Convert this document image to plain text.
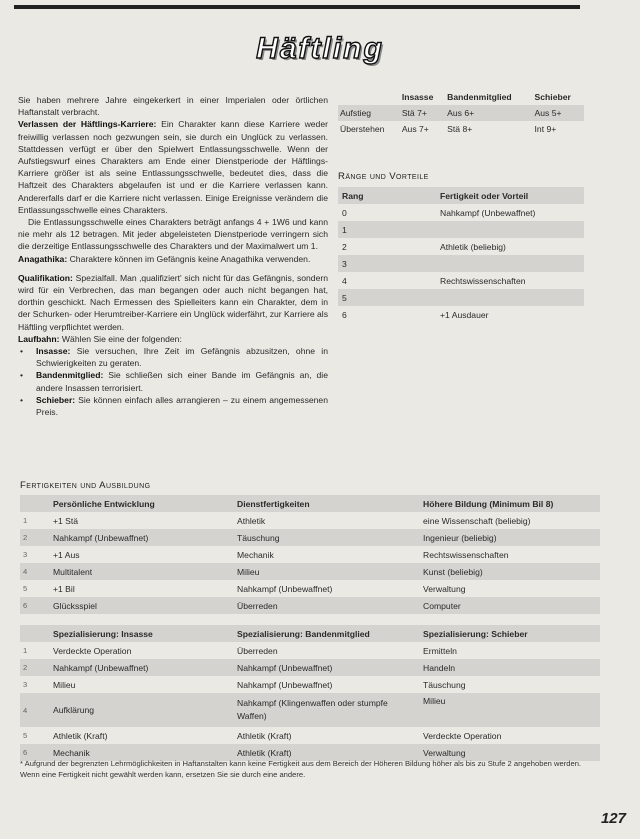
Häftling

Sie haben mehrere Jahre eingekerkert in einer Imperialen oder örtlichen Haftanstalt verbracht.

Verlassen der Häftlings-Karriere: Ein Charakter kann diese Karriere weder freiwillig verlassen noch gezwungen sein, sie durch ein Unglück zu verlassen. Stattdessen verfügt er über den Spielwert Entlassungsschwelle. Wenn der Aufstiegswurf eines Charakters am Ende einer Dienstperiode der Häftlings-Karriere größer ist als seine Entlassungsschwelle, bedeutet dies, dass die Haftzeit des Charakters abgelaufen ist und er die Karriere verlassen kann. Andererfalls darf er die Karriere nicht verlassen. Einige Ereignisse verändern die Entlassungsschwelle eines Charakters.

Die Entlassungsschwelle eines Charakters beträgt anfangs 4 + 1W6 und kann nie mehr als 12 betragen. Mit jeder abgeleisteten Dienstperiode verringern sich die derzeitige Entlassungsschwelle des Charakters und der Maximalwert um 1.

Anagathika: Charaktere können im Gefängnis keine Anagathika verwenden.

Qualifikation: Spezialfall. Man ‚qualifiziert' sich nicht für das Gefängnis, sondern wird für ein Verbrechen, das man begangen oder auch nicht begangen hat, dorthin geschickt. Nach Ermessen des Spielleiters kann ein Charakter, dem in der Schurken- oder Herumtreiber-Karriere ein Unglück widerfährt, zur Karriere als Häftling verpflichtet werden.

Laufbahn: Wählen Sie eine der folgenden:

• Insasse: Sie versuchen, Ihre Zeit im Gefängnis abzusitzen, ohne in Schwierigkeiten zu geraten.
• Bandenmitglied: Sie schließen sich einer Bande im Gefängnis an, die andere Insassen terrorisiert.
• Schieber: Sie können einfach alles arrangieren – zu einem angemessenen Preis.
	Insasse	Bandenmitglied	Schieber
Aufstieg	Stä 7+	Aus 6+	Aus 5+
Überstehen	Aus 7+	Stä 8+	Int 9+
Ränge und Vorteile
Rang	Fertigkeit oder Vorteil
0	Nahkampf (Unbewaffnet)
1	
2	Athletik (beliebig)
3	
4	Rechtswissenschaften
5	
6	+1 Ausdauer
Fertigkeiten und Ausbildung
	Persönliche Entwicklung	Dienstfertigkeiten	Höhere Bildung (Minimum Bil 8)
1	+1 Stä	Athletik	eine Wissenschaft (beliebig)
2	Nahkampf (Unbewaffnet)	Täuschung	Ingenieur (beliebig)
3	+1 Aus	Mechanik	Rechtswissenschaften
4	Multitalent	Milieu	Kunst (beliebig)
5	+1 Bil	Nahkampf (Unbewaffnet)	Verwaltung
6	Glücksspiel	Überreden	Computer
	Spezialisierung: Insasse	Spezialisierung: Bandenmitglied	Spezialisierung: Schieber
1	Verdeckte Operation	Überreden	Ermitteln
2	Nahkampf (Unbewaffnet)	Nahkampf (Unbewaffnet)	Handeln
3	Milieu	Nahkampf (Unbewaffnet)	Täuschung
4	Aufklärung	Nahkampf (Klingenwaffen oder stumpfe Waffen)	Milieu
5	Athletik (Kraft)	Athletik (Kraft)	Verdeckte Operation
6	Mechanik	Athletik (Kraft)	Verwaltung
* Aufgrund der begrenzten Lehrmöglichkeiten in Haftanstalten kann keine Fertigkeit aus dem Bereich der Höheren Bildung höher als bis zu Stufe 2 angehoben werden. Wenn eine Fertigkeit nicht gewählt werden kann, ersetzen Sie sie durch eine andere.
127
